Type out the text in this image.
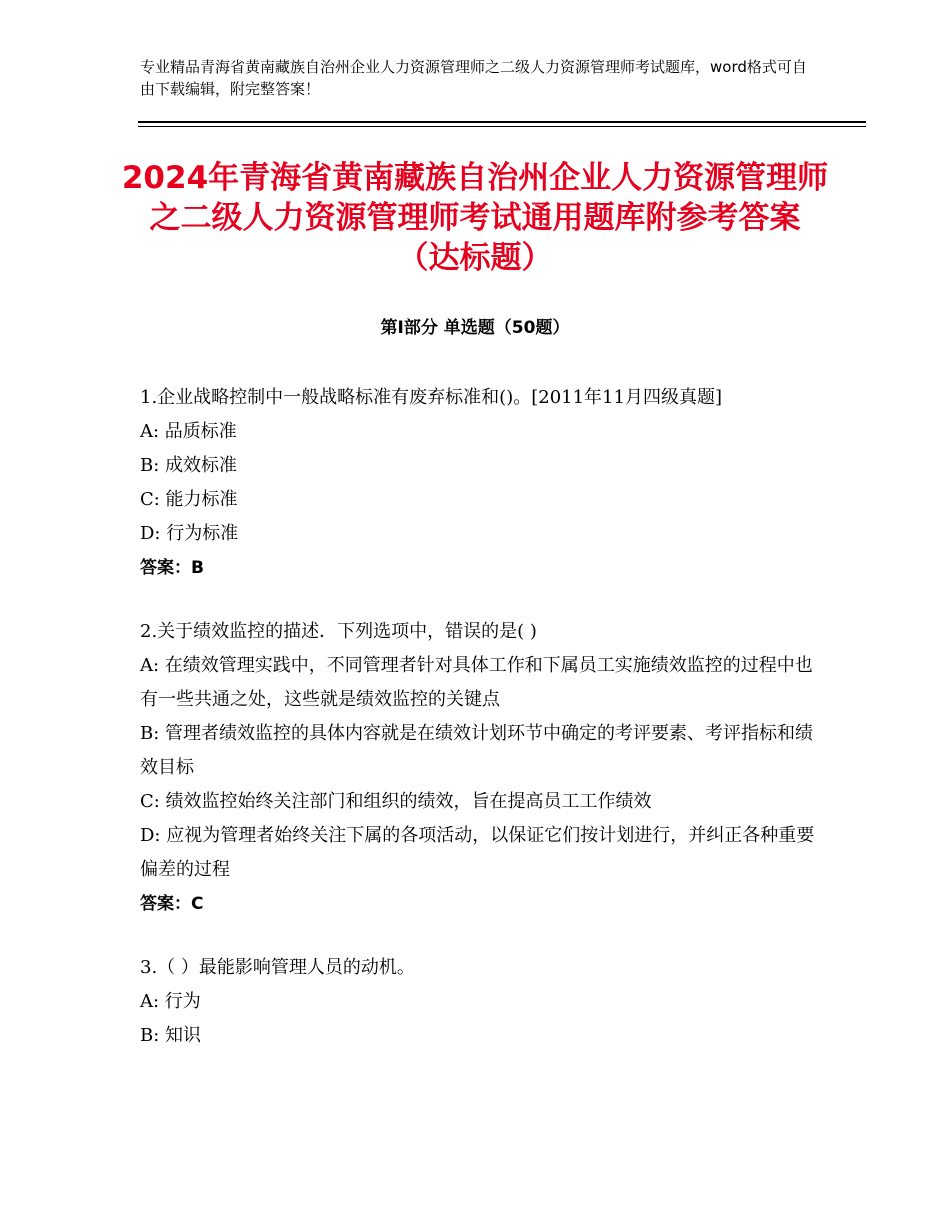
专业精品青海省黄南藏族自治州企业人力资源管理师之二级人力资源管理师考试题库，word格式可自由下载编辑，附完整答案！
2024年青海省黄南藏族自治州企业人力资源管理师之二级人力资源管理师考试通用题库附参考答案（达标题）
第Ⅰ部分 单选题（50题）

1.企业战略控制中一般战略标准有废弃标准和()。[2011年11月四级真题]

A: 品质标准

B: 成效标准

C: 能力标准

D: 行为标准

答案：B

2.关于绩效监控的描述．下列选项中，错误的是( )

A: 在绩效管理实践中，不同管理者针对具体工作和下属员工实施绩效监控的过程中也有一些共通之处，这些就是绩效监控的关键点

B: 管理者绩效监控的具体内容就是在绩效计划环节中确定的考评要素、考评指标和绩效目标

C: 绩效监控始终关注部门和组织的绩效，旨在提高员工工作绩效

D: 应视为管理者始终关注下属的各项活动，以保证它们按计划进行，并纠正各种重要偏差的过程

答案：C

3.（ ）最能影响管理人员的动机。

A: 行为

B: 知识
